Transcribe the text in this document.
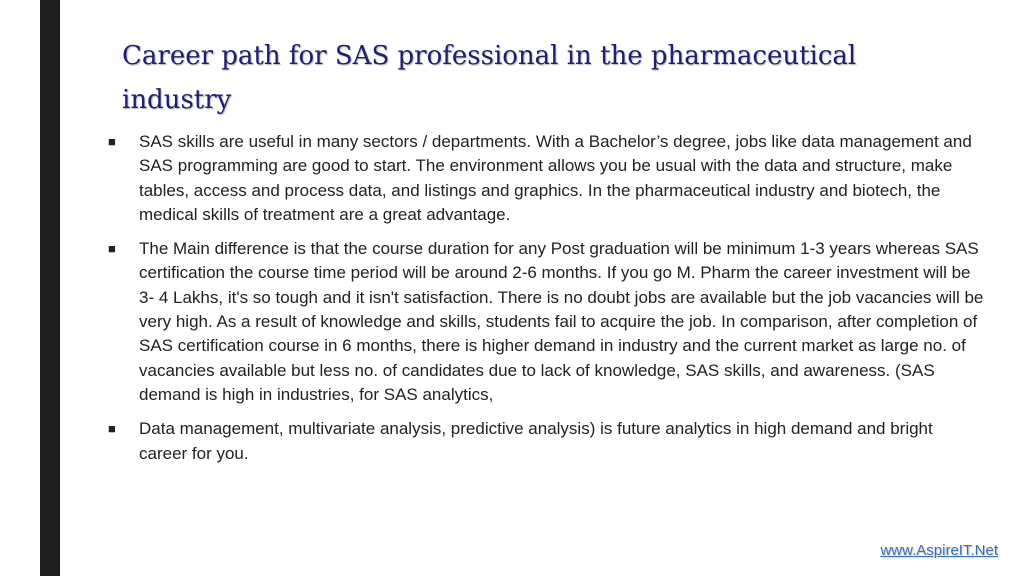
Career path for SAS professional in the pharmaceutical industry
■ SAS skills are useful in many sectors / departments. With a Bachelor’s degree, jobs like data management and SAS programming are good to start. The environment allows you be usual with the data and structure, make tables, access and process data, and listings and graphics. In the pharmaceutical industry and biotech, the medical skills of treatment are a great advantage.
■ The Main difference is that the course duration for any Post graduation will be minimum 1-3 years whereas SAS certification the course time period will be around 2-6 months. If you go M. Pharm the career investment will be 3- 4 Lakhs, it's so tough and it isn't satisfaction. There is no doubt jobs are available but the job vacancies will be very high. As a result of knowledge and skills, students fail to acquire the job. In comparison, after completion of SAS certification course in 6 months, there is higher demand in industry and the current market as large no. of vacancies available but less no. of candidates due to lack of knowledge, SAS skills, and awareness. (SAS demand is high in industries, for SAS analytics,
■ Data management, multivariate analysis, predictive analysis) is future analytics in high demand and bright career for you.
www.AspireIT.Net
